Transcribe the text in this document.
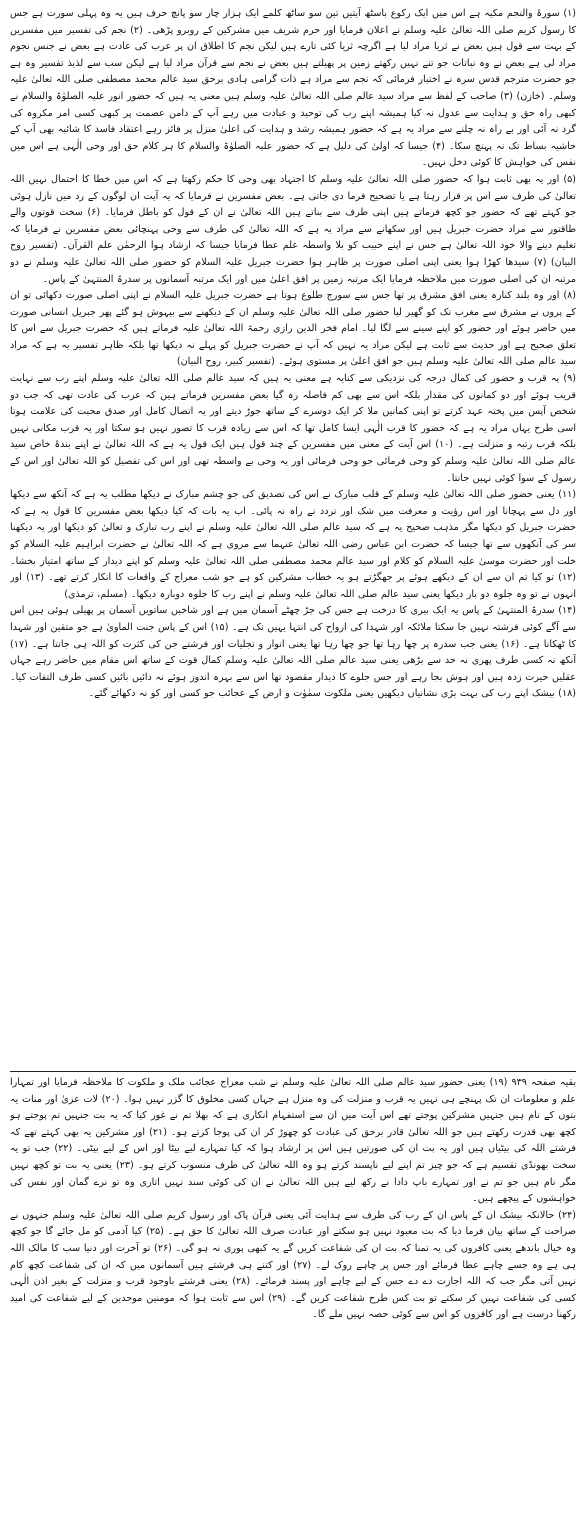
(۱) سورۂ والنجم مکیہ ہے اس میں ایک رکوع باسٹھ آیتیں تین سو ساٹھ کلمے ایک ہزار چار سو پانچ حرف ہیں یہ وہ پہلی سورت ہے جس کا رسول کریم صلی اللہ تعالیٰ علیہ وسلم نے اعلان فرمایا اور حرم شریف میں مشرکین کے روبرو پڑھی۔ (۲) نجم کی تفسیر میں مفسرین کے بہت سے قول ہیں بعض نے ثریا مراد لیا ہے اگرچہ ثریا کئی تارے ہیں لیکن نجم کا اطلاق ان پر عرب کی عادت ہے بعض نے جنس نجوم مراد لی ہے بعض نے وہ نباتات جو تنے نہیں رکھتے زمین پر پھیلتے ہیں بعض نے نجم سے قرآن مراد لیا ہے لیکن سب سے لذیذ تفسیر وہ ہے جو حضرت مترجم قدس سرہ نے اختیار فرمائی کہ نجم سے مراد ہے ذات گرامی ہادی برحق سید عالم محمد مصطفی صلی اللہ تعالیٰ علیہ وسلم۔ (خازن) (۳) صاحب کے لفظ سے مراد سید عالم صلی اللہ تعالیٰ علیہ وسلم ہیں معنی یہ ہیں کہ حضور انور علیہ الصلوٰۃ والسلام نے کبھی راہ حق و ہدایت سے عدول نہ کیا ہمیشہ اپنے رب کی توحید و عبادت میں رہے آپ کے دامن عصمت پر کبھی کسی امر مکروہ کی گرد نہ آئی اور بے راہ نہ چلنے سے مراد یہ ہے کہ حضور ہمیشہ رشد و ہدایت کی اعلیٰ منزل پر فائز رہے اعتقاد فاسد کا شائبہ بھی آپ کے حاشیہ بساط تک نہ پہنچ سکا۔ (۴) جیسا کہ اولیٰ کی دلیل ہے کہ حضور علیہ الصلوٰۃ والسلام کا ہر کلام حق اور وحی الٰہی ہے اس میں نفس کی خواہش کا کوئی دخل نہیں۔

(۵) اور یہ بھی ثابت ہوا کہ حضور صلی اللہ تعالیٰ علیہ وسلم کا اجتہاد بھی وحی کا حکم رکھتا ہے کہ اس میں خطا کا احتمال نہیں اللہ تعالیٰ کی طرف سے اس پر قرار رہتا ہے یا تصحیح فرما دی جاتی ہے۔ بعض مفسرین نے فرمایا کہ یہ آیت ان لوگوں کے رد میں نازل ہوئی جو کہتے تھے کہ حضور جو کچھ فرماتے ہیں اپنی طرف سے بناتے ہیں اللہ تعالیٰ نے ان کے قول کو باطل فرمایا۔ (۶) سخت قوتوں والے طاقتور سے مراد حضرت جبریل ہیں اور سکھانے سے مراد یہ ہے کہ اللہ تعالیٰ کی طرف سے وحی پہنچائی بعض مفسرین نے فرمایا کہ تعلیم دینے والا خود اللہ تعالیٰ ہے جس نے اپنے حبیب کو بلا واسطہ علم عطا فرمایا جیسا کہ ارشاد ہوا الرحمٰن علم القرآن۔ (تفسیر روح البیان) (۷) سیدھا کھڑا ہوا یعنی اپنی اصلی صورت پر ظاہر ہوا حضرت جبریل علیہ السلام کو حضور صلی اللہ تعالیٰ علیہ وسلم نے دو مرتبہ ان کی اصلی صورت میں ملاحظہ فرمایا ایک مرتبہ زمین پر افق اعلیٰ میں اور ایک مرتبہ آسمانوں پر سدرۃ المنتہیٰ کے پاس۔

(۸) اور وہ بلند کنارہ یعنی افق مشرق پر تھا جس سے سورج طلوع ہوتا ہے حضرت جبریل علیہ السلام نے اپنی اصلی صورت دکھائی تو ان کے پروں نے مشرق سے مغرب تک کو گھیر لیا حضور صلی اللہ تعالیٰ علیہ وسلم ان کے دیکھنے سے بیہوش ہو گئے پھر جبریل انسانی صورت میں حاضر ہوئے اور حضور کو اپنے سینے سے لگا لیا۔ امام فخر الدین رازی رحمۃ اللہ تعالیٰ علیہ فرماتے ہیں کہ حضرت جبریل سے اس کا تعلق صحیح ہے اور حدیث سے ثابت ہے لیکن مراد یہ نہیں کہ آپ نے حضرت جبریل کو پہلے نہ دیکھا تھا بلکہ ظاہر تفسیر یہ ہے کہ مراد سید عالم صلی اللہ تعالیٰ علیہ وسلم ہیں جو افق اعلیٰ پر مستوی ہوئے۔ (تفسیر کبیر، روح البیان)

(۹) یہ قرب و حضور کی کمال درجہ کی نزدیکی سے کنایہ ہے معنی یہ ہیں کہ سید عالم صلی اللہ تعالیٰ علیہ وسلم اپنے رب سے نہایت قریب ہوئے اور دو کمانوں کی مقدار بلکہ اس سے بھی کم فاصلہ رہ گیا بعض مفسرین فرماتے ہیں کہ عرب کی عادت تھی کہ جب دو شخص آپس میں پختہ عہد کرتے تو اپنی کمانیں ملا کر ایک دوسرے کے ساتھ جوڑ دیتے اور یہ اتصال کامل اور صدق محبت کی علامت ہوتا اسی طرح یہاں مراد یہ ہے کہ حضور کا قرب الٰہی ایسا کامل تھا کہ اس سے زیادہ قرب کا تصور نہیں ہو سکتا اور یہ قرب مکانی نہیں بلکہ قرب رتبہ و منزلت ہے۔ (۱۰) اس آیت کے معنی میں مفسرین کے چند قول ہیں ایک قول یہ ہے کہ اللہ تعالیٰ نے اپنے بندۂ خاص سید عالم صلی اللہ تعالیٰ علیہ وسلم کو وحی فرمائی جو وحی فرمائی اور یہ وحی بے واسطہ تھی اور اس کی تفصیل کو اللہ تعالیٰ اور اس کے رسول کے سوا کوئی نہیں جانتا۔

(۱۱) یعنی حضور صلی اللہ تعالیٰ علیہ وسلم کے قلب مبارک نے اس کی تصدیق کی جو چشم مبارک نے دیکھا مطلب یہ ہے کہ آنکھ سے دیکھا اور دل سے پہچانا اور اس رؤیت و معرفت میں شک اور تردد نے راہ نہ پائی۔ اب یہ بات کہ کیا دیکھا بعض مفسرین کا قول یہ ہے کہ حضرت جبریل کو دیکھا مگر مذہب صحیح یہ ہے کہ سید عالم صلی اللہ تعالیٰ علیہ وسلم نے اپنے رب تبارک و تعالیٰ کو دیکھا اور یہ دیکھنا سر کی آنکھوں سے تھا جیسا کہ حضرت ابن عباس رضی اللہ تعالیٰ عنہما سے مروی ہے کہ اللہ تعالیٰ نے حضرت ابراہیم علیہ السلام کو خلت اور حضرت موسیٰ علیہ السلام کو کلام اور سید عالم محمد مصطفی صلی اللہ تعالیٰ علیہ وسلم کو اپنے دیدار کے ساتھ امتیاز بخشا۔ (۱۲) تو کیا تم ان سے ان کے دیکھے ہوئے پر جھگڑتے ہو یہ خطاب مشرکین کو ہے جو شب معراج کے واقعات کا انکار کرتے تھے۔ (۱۳) اور انہوں نے تو وہ جلوہ دو بار دیکھا یعنی سید عالم صلی اللہ تعالیٰ علیہ وسلم نے اپنے رب کا جلوہ دوبارہ دیکھا۔ (مسلم، ترمذی)

(۱۴) سدرۃ المنتہیٰ کے پاس یہ ایک بیری کا درخت ہے جس کی جڑ چھٹے آسمان میں ہے اور شاخیں ساتویں آسمان پر پھیلی ہوئی ہیں اس سے آگے کوئی فرشتہ نہیں جا سکتا ملائکہ اور شہدا کی ارواح کی انتہا یہیں تک ہے۔ (۱۵) اس کے پاس جنت الماویٰ ہے جو متقین اور شہدا کا ٹھکانا ہے۔ (۱۶) یعنی جب سدرہ پر چھا رہا تھا جو چھا رہا تھا یعنی انوار و تجلیات اور فرشتے جن کی کثرت کو اللہ ہی جانتا ہے۔ (۱۷) آنکھ نہ کسی طرف پھری نہ حد سے بڑھی یعنی سید عالم صلی اللہ تعالیٰ علیہ وسلم کمال قوت کے ساتھ اس مقام میں حاضر رہے جہاں عقلیں حیرت زدہ ہیں اور ہوش بجا رہے اور جس جلوے کا دیدار مقصود تھا اس سے بہرہ اندوز ہوئے نہ دائیں بائیں کسی طرف التفات کیا۔ (۱۸) بیشک اپنے رب کی بہت بڑی نشانیاں دیکھیں یعنی ملکوت سمٰوٰت و ارض کے عجائب جو کسی اور کو نہ دکھائے گئے۔

بقیہ صفحہ ۹۳۹ (۱۹) یعنی حضور سید عالم صلی اللہ تعالیٰ علیہ وسلم نے شب معراج عجائب ملک و ملکوت کا ملاحظہ فرمایا اور تمہارا علم و معلومات ان تک پہنچے ہی نہیں یہ قرب و منزلت کی وہ منزل ہے جہاں کسی مخلوق کا گزر نہیں ہوا۔ (۲۰) لات عزیٰ اور منات یہ بتوں کے نام ہیں جنہیں مشرکین پوجتے تھے اس آیت میں ان سے استفہام انکاری ہے کہ بھلا تم نے غور کیا کہ یہ بت جنہیں تم پوجتے ہو کچھ بھی قدرت رکھتے ہیں جو اللہ تعالیٰ قادر برحق کی عبادت کو چھوڑ کر ان کی پوجا کرتے ہو۔ (۲۱) اور مشرکین یہ بھی کہتے تھے کہ فرشتے اللہ کی بیٹیاں ہیں اور یہ بت ان کی صورتیں ہیں اس پر ارشاد ہوا کہ کیا تمہارے لیے بیٹا اور اس کے لیے بیٹی۔ (۲۲) جب تو یہ سخت بھونڈی تقسیم ہے کہ جو چیز تم اپنے لیے ناپسند کرتے ہو وہ اللہ تعالیٰ کی طرف منسوب کرتے ہو۔ (۲۳) یعنی یہ بت تو کچھ نہیں مگر نام ہیں جو تم نے اور تمہارے باپ دادا نے رکھ لیے ہیں اللہ تعالیٰ نے ان کی کوئی سند نہیں اتاری وہ تو نرے گمان اور نفس کی خواہشوں کے پیچھے ہیں۔

(۲۴) حالانکہ بیشک ان کے پاس ان کے رب کی طرف سے ہدایت آئی یعنی قرآن پاک اور رسول کریم صلی اللہ تعالیٰ علیہ وسلم جنہوں نے صراحت کے ساتھ بیان فرما دیا کہ بت معبود نہیں ہو سکتے اور عبادت صرف اللہ تعالیٰ کا حق ہے۔ (۲۵) کیا آدمی کو مل جائے گا جو کچھ وہ خیال باندھے یعنی کافروں کی یہ تمنا کہ بت ان کی شفاعت کریں گے یہ کبھی پوری نہ ہو گی۔ (۲۶) تو آخرت اور دنیا سب کا مالک اللہ ہی ہے وہ جسے چاہے عطا فرمائے اور جس پر چاہے روک لے۔ (۲۷) اور کتنے ہی فرشتے ہیں آسمانوں میں کہ ان کی شفاعت کچھ کام نہیں آتی مگر جب کہ اللہ اجازت دے دے جس کے لیے چاہے اور پسند فرمائے۔ (۲۸) یعنی فرشتے باوجود قرب و منزلت کے بغیر اذن الٰہی کسی کی شفاعت نہیں کر سکتے تو بت کس طرح شفاعت کریں گے۔ (۲۹) اس سے ثابت ہوا کہ مومنین موحدین کے لیے شفاعت کی امید رکھنا درست ہے اور کافروں کو اس سے کوئی حصہ نہیں ملے گا۔
